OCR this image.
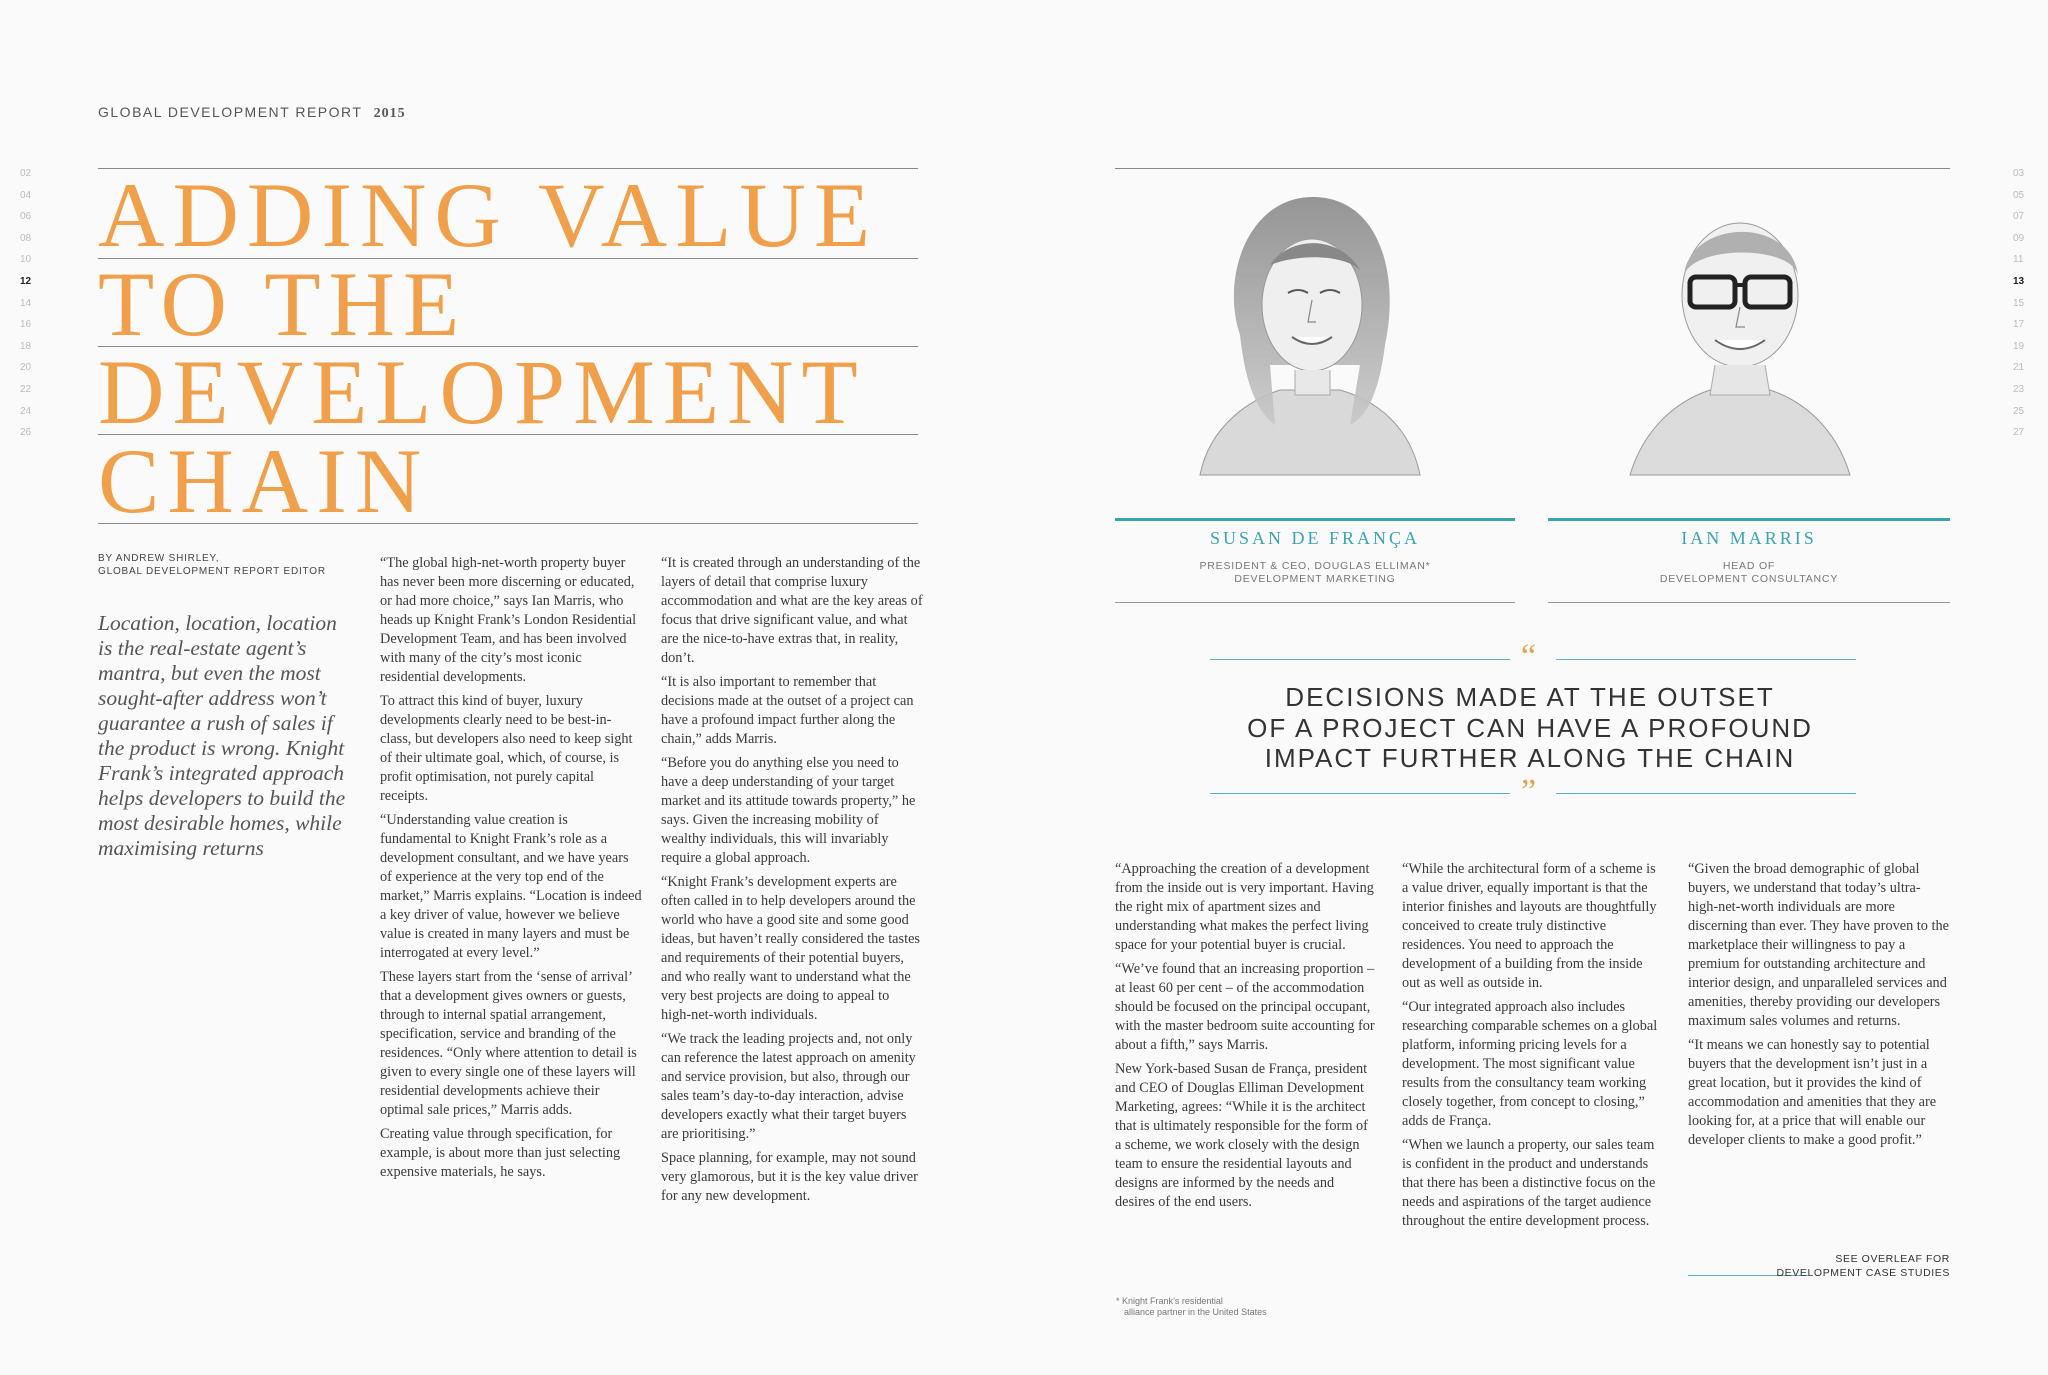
GLOBAL DEVELOPMENT REPORT 2015
02
04
06
08
10
12
14
16
18
20
22
24
26
03
05
07
09
11
13
15
17
19
21
23
25
27
ADDING VALUE
TO THE
DEVELOPMENT
CHAIN
BY ANDREW SHIRLEY,
GLOBAL DEVELOPMENT REPORT EDITOR
Location, location, location is the real-estate agent’s mantra, but even the most sought-after address won’t guarantee a rush of sales if the product is wrong. Knight Frank’s integrated approach helps developers to build the most desirable homes, while maximising returns

“The global high-net-worth property buyer has never been more discerning or educated, or had more choice,” says Ian Marris, who heads up Knight Frank’s London Residential Development Team, and has been involved with many of the city’s most iconic residential developments.

To attract this kind of buyer, luxury developments clearly need to be best-in-class, but developers also need to keep sight of their ultimate goal, which, of course, is profit optimisation, not purely capital receipts.

“Understanding value creation is fundamental to Knight Frank’s role as a development consultant, and we have years of experience at the very top end of the market,” Marris explains. “Location is indeed a key driver of value, however we believe value is created in many layers and must be interrogated at every level.”

These layers start from the ‘sense of arrival’ that a development gives owners or guests, through to internal spatial arrangement, specification, service and branding of the residences. “Only where attention to detail is given to every single one of these layers will residential developments achieve their optimal sale prices,” Marris adds.

Creating value through specification, for example, is about more than just selecting expensive materials, he says.

“It is created through an understanding of the layers of detail that comprise luxury accommodation and what are the key areas of focus that drive significant value, and what are the nice-to-have extras that, in reality, don’t.

“It is also important to remember that decisions made at the outset of a project can have a profound impact further along the chain,” adds Marris.

“Before you do anything else you need to have a deep understanding of your target market and its attitude towards property,” he says. Given the increasing mobility of wealthy individuals, this will invariably require a global approach.

“Knight Frank’s development experts are often called in to help developers around the world who have a good site and some good ideas, but haven’t really considered the tastes and requirements of their potential buyers, and who really want to understand what the very best projects are doing to appeal to high-net-worth individuals.

“We track the leading projects and, not only can reference the latest approach on amenity and service provision, but also, through our sales team’s day-to-day interaction, advise developers exactly what their target buyers are prioritising.”

Space planning, for example, may not sound very glamorous, but it is the key value driver for any new development.

SUSAN DE FRANÇA	IAN MARRIS
PRESIDENT & CEO, DOUGLAS ELLIMAN*
DEVELOPMENT MARKETING
HEAD OF
DEVELOPMENT CONSULTANCY
“
DECISIONS MADE AT THE OUTSET
OF A PROJECT CAN HAVE A PROFOUND
IMPACT FURTHER ALONG THE CHAIN
”

“Approaching the creation of a development from the inside out is very important. Having the right mix of apartment sizes and understanding what makes the perfect living space for your potential buyer is crucial.

“We’ve found that an increasing proportion – at least 60 per cent – of the accommodation should be focused on the principal occupant, with the master bedroom suite accounting for about a fifth,” says Marris.

New York-based Susan de França, president and CEO of Douglas Elliman Development Marketing, agrees: “While it is the architect that is ultimately responsible for the form of a scheme, we work closely with the design team to ensure the residential layouts and designs are informed by the needs and desires of the end users.

“While the architectural form of a scheme is a value driver, equally important is that the interior finishes and layouts are thoughtfully conceived to create truly distinctive residences. You need to approach the development of a building from the inside out as well as outside in.

“Our integrated approach also includes researching comparable schemes on a global platform, informing pricing levels for a development. The most significant value results from the consultancy team working closely together, from concept to closing,” adds de França.

“When we launch a property, our sales team is confident in the product and understands that there has been a distinctive focus on the needs and aspirations of the target audience throughout the entire development process.

“Given the broad demographic of global buyers, we understand that today’s ultra-high-net-worth individuals are more discerning than ever. They have proven to the marketplace their willingness to pay a premium for outstanding architecture and interior design, and unparalleled services and amenities, thereby providing our developers maximum sales volumes and returns.

“It means we can honestly say to potential buyers that the development isn’t just in a great location, but it provides the kind of accommodation and amenities that they are looking for, at a price that will enable our developer clients to make a good profit.”

* Knight Frank’s residential
alliance partner in the United States
SEE OVERLEAF FOR
DEVELOPMENT CASE STUDIES
